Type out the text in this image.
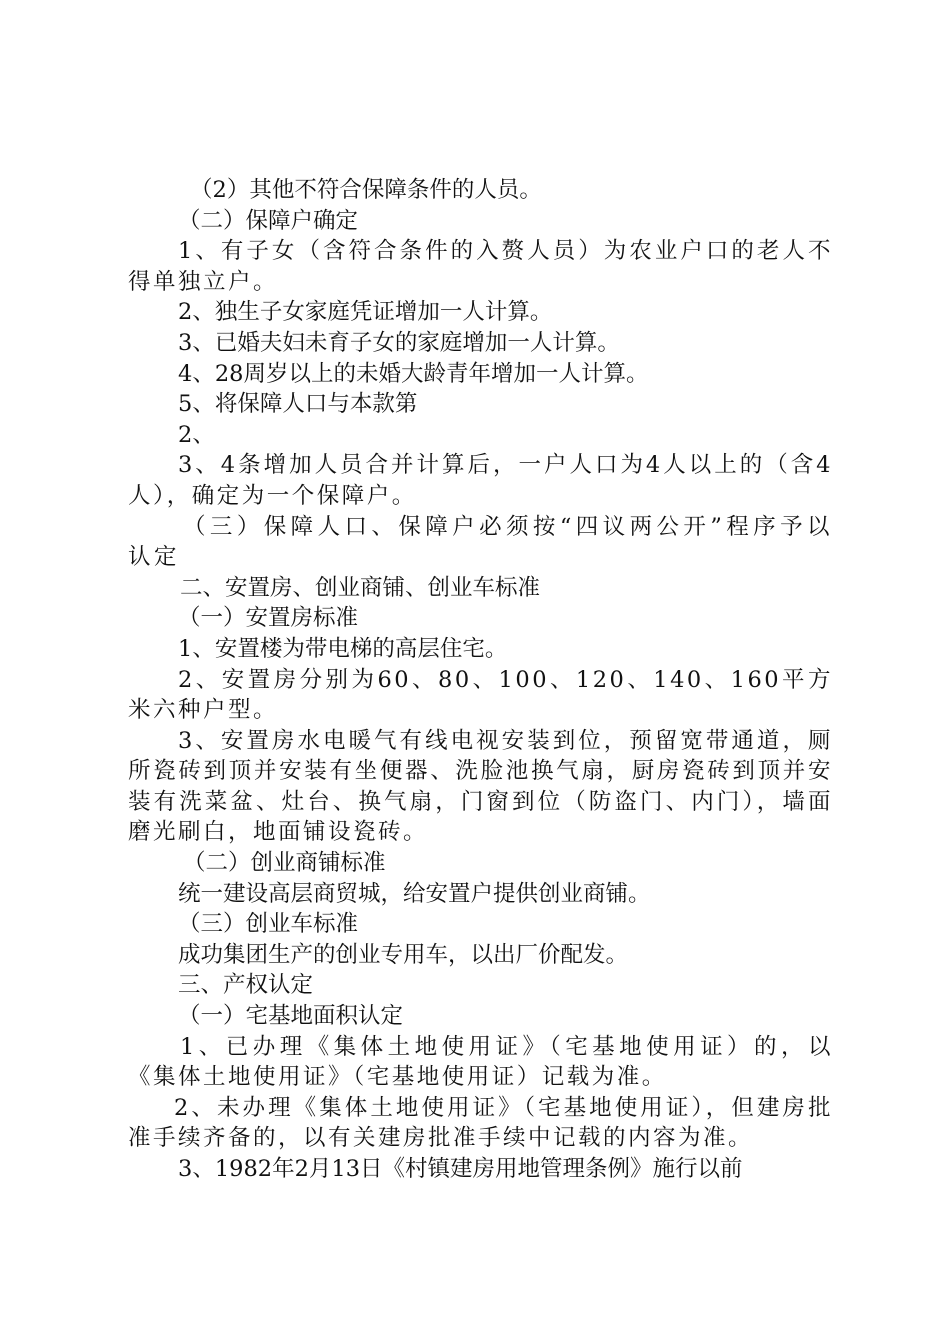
（2）其他不符合保障条件的人员。

（二）保障户确定

1、有子女（含符合条件的入赘人员）为农业户口的老人不得单独立户。

2、独生子女家庭凭证增加一人计算。

3、已婚夫妇未育子女的家庭增加一人计算。

4、28周岁以上的未婚大龄青年增加一人计算。

5、将保障人口与本款第

2、

3、4条增加人员合并计算后，一户人口为4人以上的（含4人），确定为一个保障户。

（三）保障人口、保障户必须按“四议两公开”程序予以认定

二、安置房、创业商铺、创业车标准

（一）安置房标准

1、安置楼为带电梯的高层住宅。

2、安置房分别为60、80、100、120、140、160平方米六种户型。

3、安置房水电暖气有线电视安装到位，预留宽带通道，厕所瓷砖到顶并安装有坐便器、洗脸池换气扇，厨房瓷砖到顶并安装有洗菜盆、灶台、换气扇，门窗到位（防盗门、内门），墙面磨光刷白，地面铺设瓷砖。

（二）创业商铺标准

统一建设高层商贸城，给安置户提供创业商铺。

（三）创业车标准

成功集团生产的创业专用车，以出厂价配发。

三、产权认定

（一）宅基地面积认定

1、已办理《集体土地使用证》（宅基地使用证）的，以《集体土地使用证》（宅基地使用证）记载为准。

2、未办理《集体土地使用证》（宅基地使用证），但建房批准手续齐备的，以有关建房批准手续中记载的内容为准。

3、1982年2月13日《村镇建房用地管理条例》施行以前
